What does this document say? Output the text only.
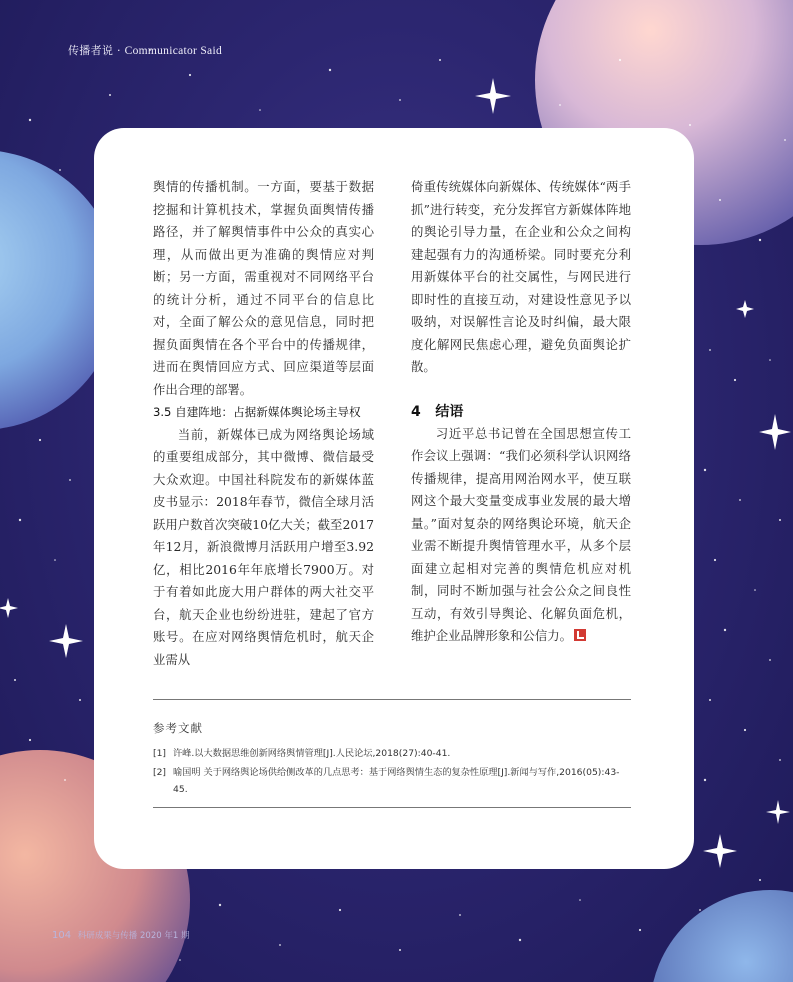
传播者说 · Communicator Said

舆情的传播机制。一方面，要基于数据挖掘和计算机技术，掌握负面舆情传播路径，并了解舆情事件中公众的真实心理，从而做出更为准确的舆情应对判断；另一方面，需重视对不同网络平台的统计分析，通过不同平台的信息比对，全面了解公众的意见信息，同时把握负面舆情在各个平台中的传播规律，进而在舆情回应方式、回应渠道等层面作出合理的部署。

3.5 自建阵地：占据新媒体舆论场主导权

当前，新媒体已成为网络舆论场域的重要组成部分，其中微博、微信最受大众欢迎。中国社科院发布的新媒体蓝皮书显示：2018年春节，微信全球月活跃用户数首次突破10亿大关；截至2017年12月，新浪微博月活跃用户增至3.92亿，相比2016年年底增长7900万。对于有着如此庞大用户群体的两大社交平台，航天企业也纷纷进驻，建起了官方账号。在应对网络舆情危机时，航天企业需从

倚重传统媒体向新媒体、传统媒体“两手抓”进行转变，充分发挥官方新媒体阵地的舆论引导力量，在企业和公众之间构建起强有力的沟通桥梁。同时要充分利用新媒体平台的社交属性，与网民进行即时性的直接互动，对建设性意见予以吸纳，对误解性言论及时纠偏，最大限度化解网民焦虑心理，避免负面舆论扩散。

4 结语

习近平总书记曾在全国思想宣传工作会议上强调：“我们必须科学认识网络传播规律，提高用网治网水平，使互联网这个最大变量变成事业发展的最大增量。”面对复杂的网络舆论环境，航天企业需不断提升舆情管理水平，从多个层面建立起相对完善的舆情危机应对机制，同时不断加强与社会公众之间良性互动，有效引导舆论、化解负面危机，维护企业品牌形象和公信力。

参考文献
[1] 许峰.以大数据思维创新网络舆情管理[J].人民论坛,2018(27):40-41.
[2] 喻国明 关于网络舆论场供给侧改革的几点思考：基于网络舆情生态的复杂性原理[J].新闻与写作,2016(05):43-45.
104 科研成果与传播 2020 年1 期
